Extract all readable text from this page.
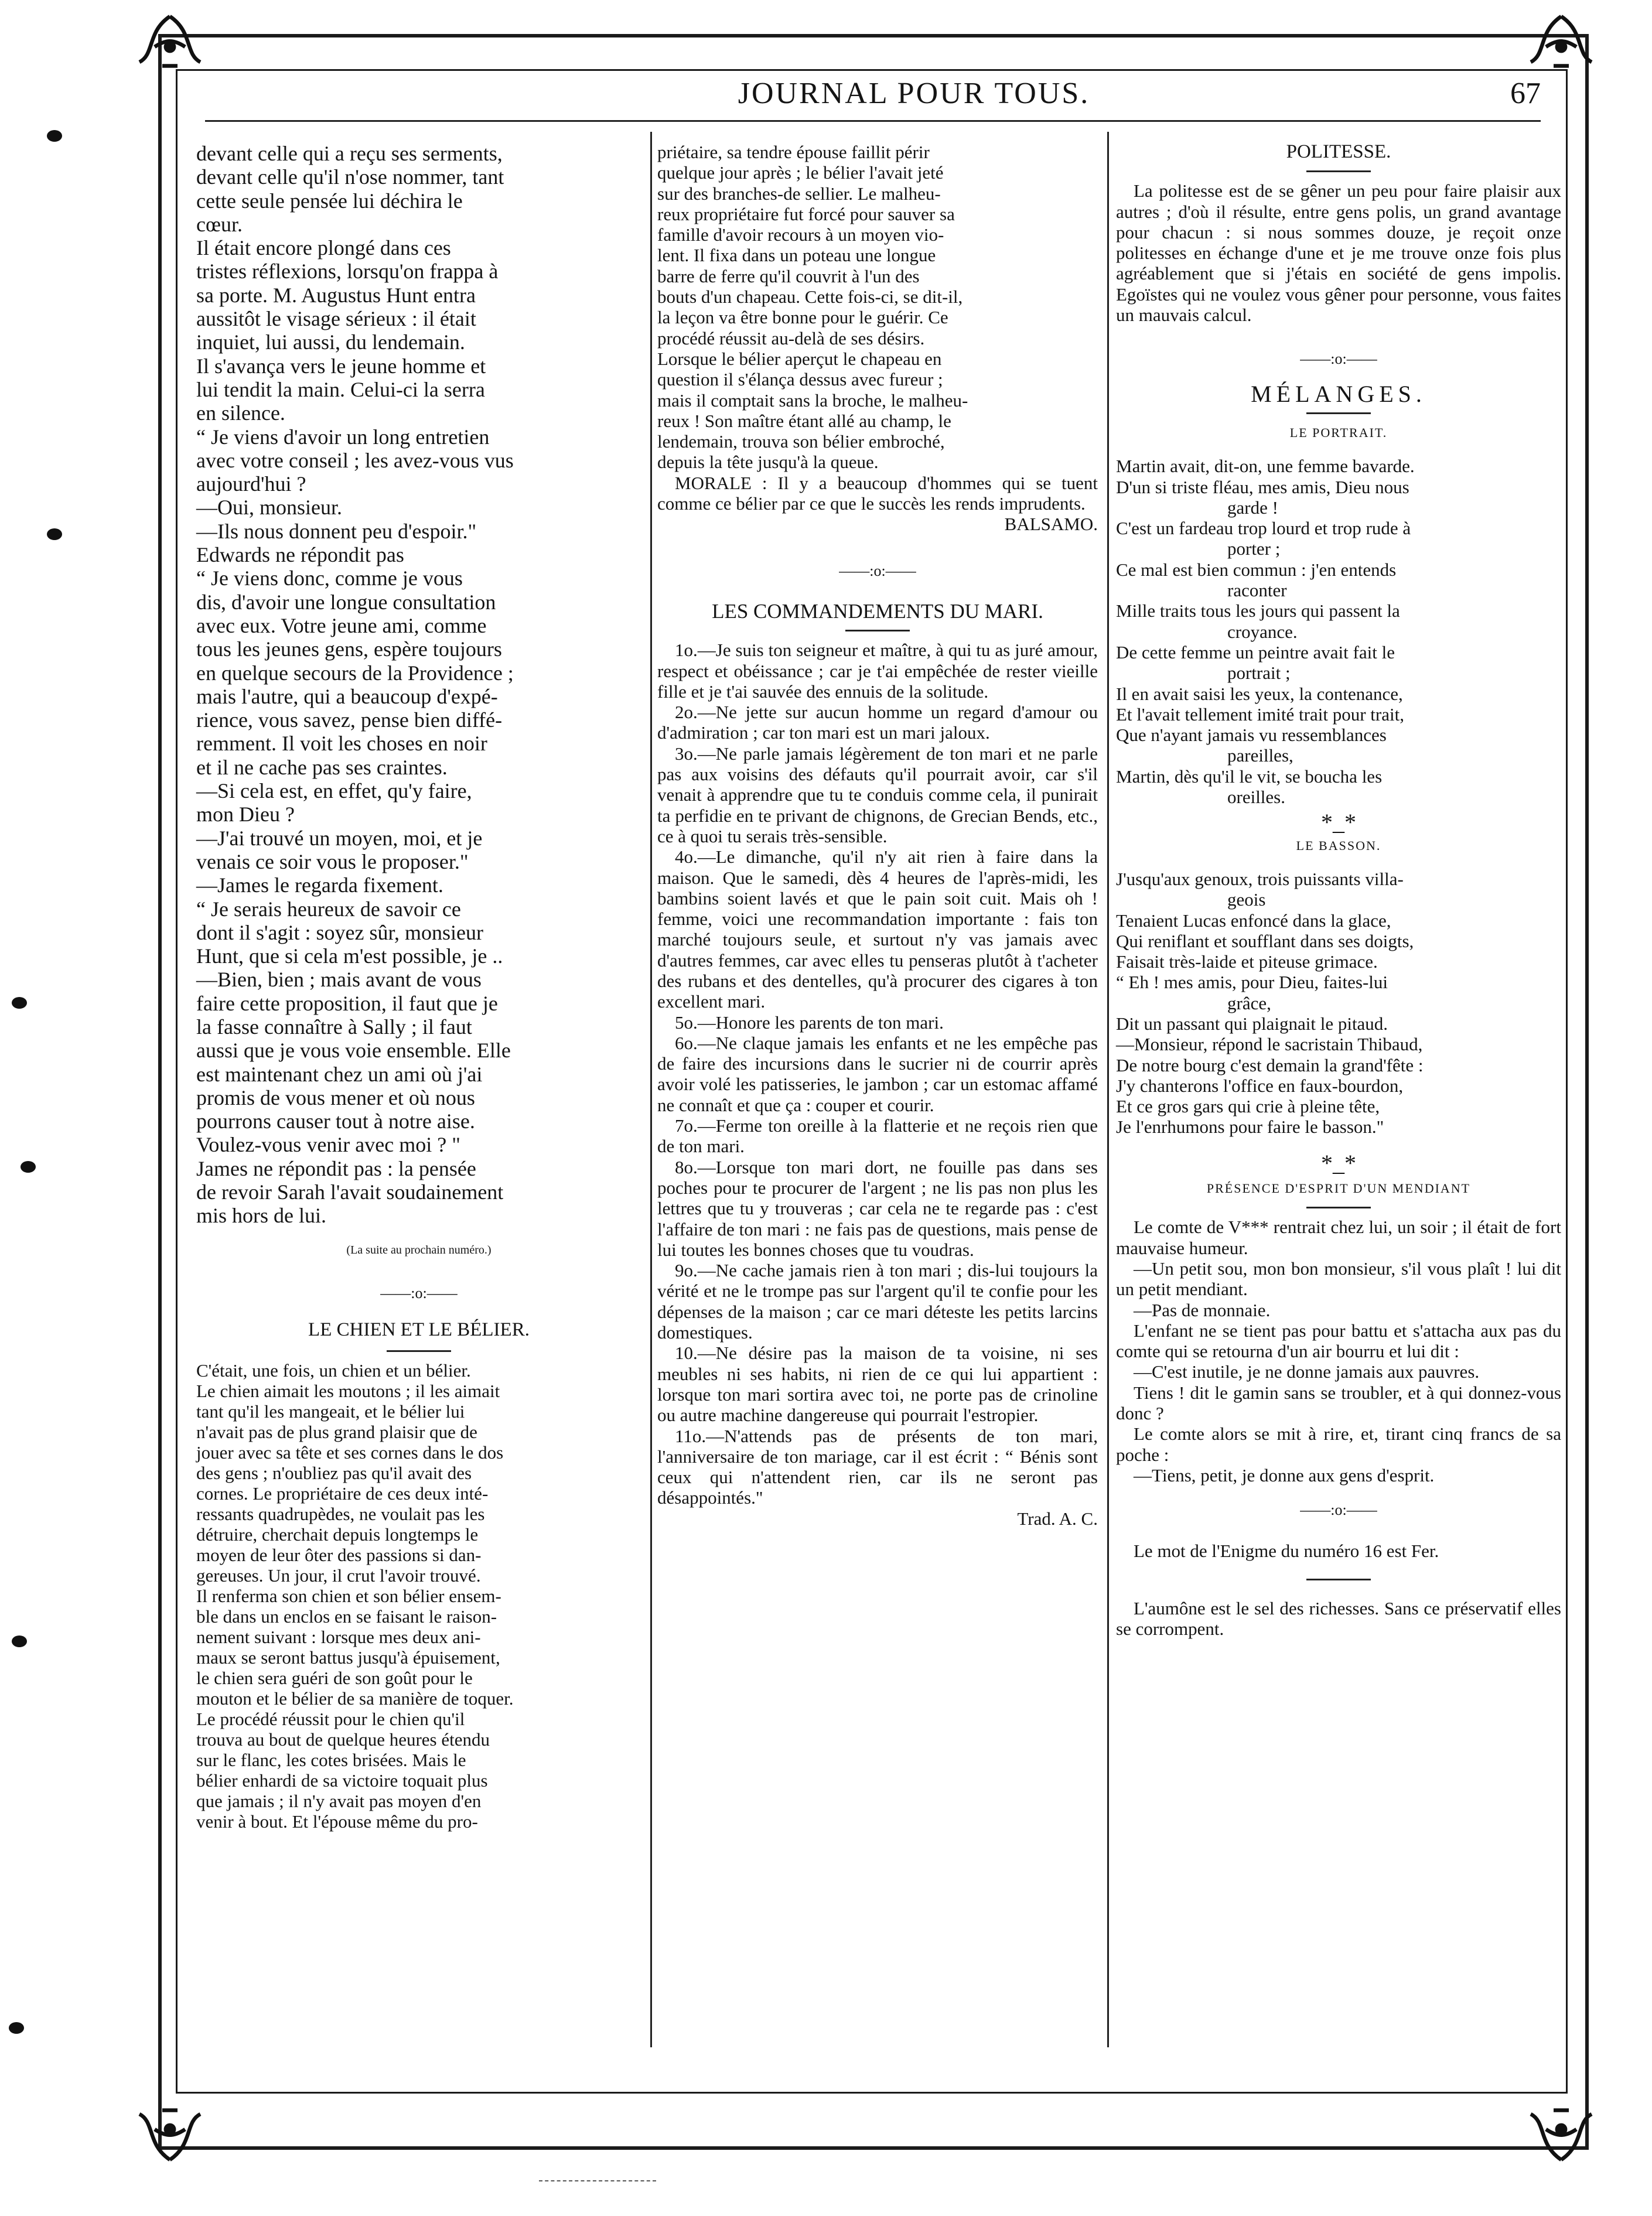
JOURNAL POUR TOUS.	67
devant celle qui a reçu ses serments,
devant celle qu'il n'ose nommer, tant
cette seule pensée lui déchira le
cœur.
Il était encore plongé dans ces
tristes réflexions, lorsqu'on frappa à
sa porte. M. Augustus Hunt entra
aussitôt le visage sérieux : il était
inquiet, lui aussi, du lendemain.
Il s'avança vers le jeune homme et
lui tendit la main. Celui-ci la serra
en silence.
“ Je viens d'avoir un long entretien
avec votre conseil ; les avez-vous vus
aujourd'hui ?
—Oui, monsieur.
—Ils nous donnent peu d'espoir."
Edwards ne répondit pas
“ Je viens donc, comme je vous
dis, d'avoir une longue consultation
avec eux. Votre jeune ami, comme
tous les jeunes gens, espère toujours
en quelque secours de la Providence ;
mais l'autre, qui a beaucoup d'expé-
rience, vous savez, pense bien diffé-
remment. Il voit les choses en noir
et il ne cache pas ses craintes.
—Si cela est, en effet, qu'y faire,
mon Dieu ?
—J'ai trouvé un moyen, moi, et je
venais ce soir vous le proposer."
—James le regarda fixement.
“ Je serais heureux de savoir ce
dont il s'agit : soyez sûr, monsieur
Hunt, que si cela m'est possible, je ..
—Bien, bien ; mais avant de vous
faire cette proposition, il faut que je
la fasse connaître à Sally ; il faut
aussi que je vous voie ensemble. Elle
est maintenant chez un ami où j'ai
promis de vous mener et où nous
pourrons causer tout à notre aise.
Voulez-vous venir avec moi ? "
James ne répondit pas : la pensée
de revoir Sarah l'avait soudainement
mis hors de lui.

(La suite au prochain numéro.)

——:o:——

LE CHIEN ET LE BÉLIER.

C'était, une fois, un chien et un bélier.
Le chien aimait les moutons ; il les aimait
tant qu'il les mangeait, et le bélier lui
n'avait pas de plus grand plaisir que de
jouer avec sa tête et ses cornes dans le dos
des gens ; n'oubliez pas qu'il avait des
cornes. Le propriétaire de ces deux inté-
ressants quadrupèdes, ne voulait pas les
détruire, cherchait depuis longtemps le
moyen de leur ôter des passions si dan-
gereuses. Un jour, il crut l'avoir trouvé.
Il renferma son chien et son bélier ensem-
ble dans un enclos en se faisant le raison-
nement suivant : lorsque mes deux ani-
maux se seront battus jusqu'à épuisement,
le chien sera guéri de son goût pour le
mouton et le bélier de sa manière de toquer.
Le procédé réussit pour le chien qu'il
trouva au bout de quelque heures étendu
sur le flanc, les cotes brisées. Mais le
bélier enhardi de sa victoire toquait plus
que jamais ; il n'y avait pas moyen d'en
venir à bout. Et l'épouse même du pro-
priétaire, sa tendre épouse faillit périr
quelque jour après ; le bélier l'avait jeté
sur des branches-de sellier. Le malheu-
reux propriétaire fut forcé pour sauver sa
famille d'avoir recours à un moyen vio-
lent. Il fixa dans un poteau une longue
barre de ferre qu'il couvrit à l'un des
bouts d'un chapeau. Cette fois-ci, se dit-il,
la leçon va être bonne pour le guérir. Ce
procédé réussit au-delà de ses désirs.
Lorsque le bélier aperçut le chapeau en
question il s'élança dessus avec fureur ;
mais il comptait sans la broche, le malheu-
reux ! Son maître étant allé au champ, le
lendemain, trouva son bélier embroché,
depuis la tête jusqu'à la queue.

MORALE : Il y a beaucoup d'hommes qui se tuent comme ce bélier par ce que le succès les rends imprudents.

BALSAMO.

——:o:——

LES COMMANDEMENTS DU MARI.

1o.—Je suis ton seigneur et maître, à qui tu as juré amour, respect et obéissance ; car je t'ai empêchée de rester vieille fille et je t'ai sauvée des ennuis de la solitude.

2o.—Ne jette sur aucun homme un regard d'amour ou d'admiration ; car ton mari est un mari jaloux.

3o.—Ne parle jamais légèrement de ton mari et ne parle pas aux voisins des défauts qu'il pourrait avoir, car s'il venait à apprendre que tu te conduis comme cela, il punirait ta perfidie en te privant de chignons, de Grecian Bends, etc., ce à quoi tu serais très-sensible.

4o.—Le dimanche, qu'il n'y ait rien à faire dans la maison. Que le samedi, dès 4 heures de l'après-midi, les bambins soient lavés et que le pain soit cuit. Mais oh ! femme, voici une recommandation importante : fais ton marché toujours seule, et surtout n'y vas jamais avec d'autres femmes, car avec elles tu penseras plutôt à t'acheter des rubans et des dentelles, qu'à procurer des cigares à ton excellent mari.

5o.—Honore les parents de ton mari.

6o.—Ne claque jamais les enfants et ne les empêche pas de faire des incursions dans le sucrier ni de courrir après avoir volé les patisseries, le jambon ; car un estomac affamé ne connaît et que ça : couper et courir.

7o.—Ferme ton oreille à la flatterie et ne reçois rien que de ton mari.

8o.—Lorsque ton mari dort, ne fouille pas dans ses poches pour te procurer de l'argent ; ne lis pas non plus les lettres que tu y trouveras ; car cela ne te regarde pas : c'est l'affaire de ton mari : ne fais pas de questions, mais pense de lui toutes les bonnes choses que tu voudras.

9o.—Ne cache jamais rien à ton mari ; dis-lui toujours la vérité et ne le trompe pas sur l'argent qu'il te confie pour les dépenses de la maison ; car ce mari déteste les petits larcins domestiques.

10.—Ne désire pas la maison de ta voisine, ni ses meubles ni ses habits, ni rien de ce qui lui appartient : lorsque ton mari sortira avec toi, ne porte pas de crinoline ou autre machine dangereuse qui pourrait l'estropier.

11o.—N'attends pas de présents de ton mari, l'anniversaire de ton mariage, car il est écrit : “ Bénis sont ceux qui n'attendent rien, car ils ne seront pas désappointés."

Trad. A. C.

POLITESSE.

La politesse est de se gêner un peu pour faire plaisir aux autres ; d'où il résulte, entre gens polis, un grand avantage pour chacun : si nous sommes douze, je reçoit onze politesses en échange d'une et je me trouve onze fois plus agréablement que si j'étais en société de gens impolis. Egoïstes qui ne voulez vous gêner pour personne, vous faites un mauvais calcul.

——:o:——

MÉLANGES.

LE PORTRAIT.

Martin avait, dit-on, une femme bavarde.
D'un si triste fléau, mes amis, Dieu nous
garde !
C'est un fardeau trop lourd et trop rude à
porter ;
Ce mal est bien commun : j'en entends
raconter
Mille traits tous les jours qui passent la
croyance.
De cette femme un peintre avait fait le
portrait ;
Il en avait saisi les yeux, la contenance,
Et l'avait tellement imité trait pour trait,
Que n'ayant jamais vu ressemblances
pareilles,
Martin, dès qu'il le vit, se boucha les
oreilles.

*_*

LE BASSON.

J'usqu'aux genoux, trois puissants villa-
geois
Tenaient Lucas enfoncé dans la glace,
Qui reniflant et soufflant dans ses doigts,
Faisait très-laide et piteuse grimace.
“ Eh ! mes amis, pour Dieu, faites-lui
grâce,
Dit un passant qui plaignait le pitaud.
—Monsieur, répond le sacristain Thibaud,
De notre bourg c'est demain la grand'fête :
J'y chanterons l'office en faux-bourdon,
Et ce gros gars qui crie à pleine tête,
Je l'enrhumons pour faire le basson."

*_*

PRÉSENCE D'ESPRIT D'UN MENDIANT

Le comte de V*** rentrait chez lui, un soir ; il était de fort mauvaise humeur.

—Un petit sou, mon bon monsieur, s'il vous plaît ! lui dit un petit mendiant.

—Pas de monnaie.

L'enfant ne se tient pas pour battu et s'attacha aux pas du comte qui se retourna d'un air bourru et lui dit :

—C'est inutile, je ne donne jamais aux pauvres.

Tiens ! dit le gamin sans se troubler, et à qui donnez-vous donc ?

Le comte alors se mit à rire, et, tirant cinq francs de sa poche :

—Tiens, petit, je donne aux gens d'esprit.

——:o:——

Le mot de l'Enigme du numéro 16 est Fer.

L'aumône est le sel des richesses. Sans ce préservatif elles se corrompent.
